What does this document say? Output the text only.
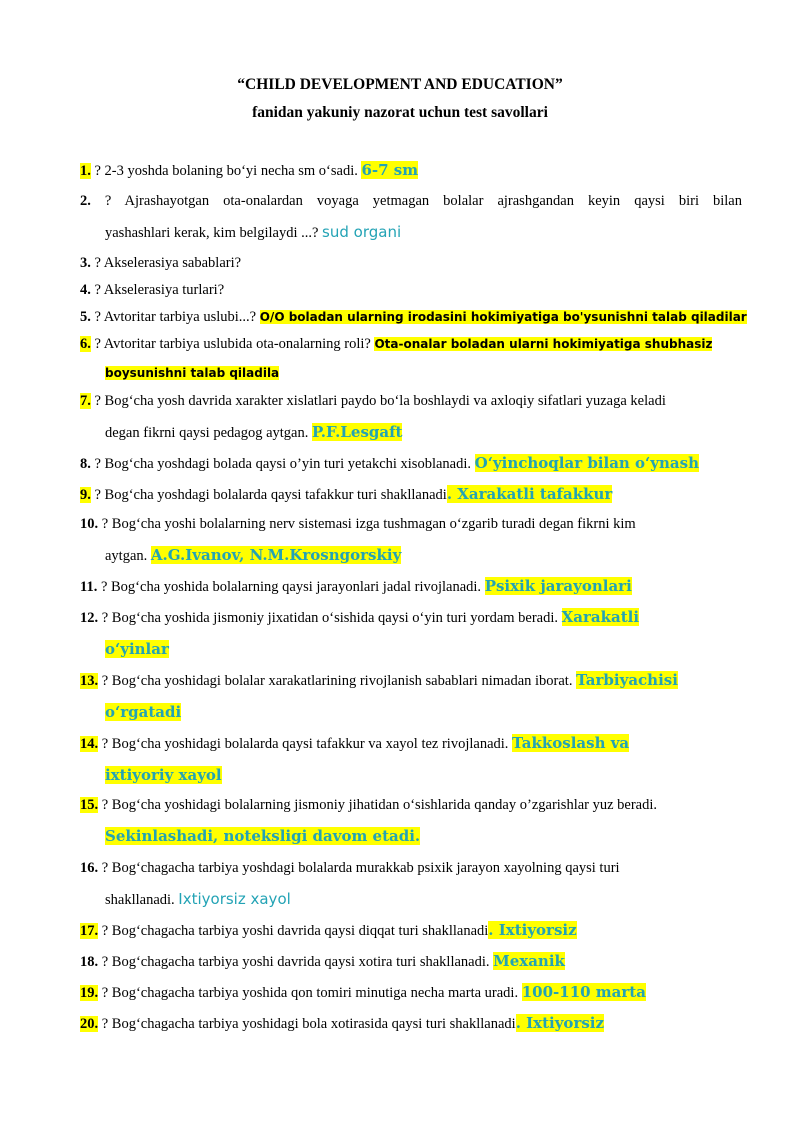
“CHILD DEVELOPMENT AND EDUCATION”
fanidan yakuniy nazorat uchun test savollari
1. ? 2-3 yoshda bolaning bo‘yi necha sm o‘sadi. 6-7 sm
2. ? Ajrashayotgan ota-onalardan voyaga yetmagan bolalar ajrashgandan keyin qaysi biri bilan
yashashlari kerak, kim belgilaydi ...? sud organi
3. ? Akselerasiya sabablari?
4. ? Akselerasiya turlari?
5. ? Avtoritar tarbiya uslubi...? O/O boladan ularning irodasini hokimiyatiga bo'ysunishni talab qiladilar
6. ? Avtoritar tarbiya uslubida ota-onalarning roli? Ota-onalar boladan ularni hokimiyatiga shubhasiz
boysunishni talab qiladila
7. ? Bog‘cha yosh davrida xarakter xislatlari paydo bo‘la boshlaydi va axloqiy sifatlari yuzaga keladi
degan fikrni qaysi pedagog aytgan. P.F.Lesgaft
8. ? Bog‘cha yoshdagi bolada qaysi o’yin turi yetakchi xisoblanadi. O‘yinchoqlar bilan o‘ynash
9. ? Bog‘cha yoshdagi bolalarda qaysi tafakkur turi shakllanadi. Xarakatli tafakkur
10. ? Bog‘cha yoshi bolalarning nerv sistemasi izga tushmagan o‘zgarib turadi degan fikrni kim
aytgan. A.G.Ivanov, N.M.Krosngorskiy
11. ? Bog‘cha yoshida bolalarning qaysi jarayonlari jadal rivojlanadi. Psixik jarayonlari
12. ? Bog‘cha yoshida jismoniy jixatidan o‘sishida qaysi o‘yin turi yordam beradi. Xarakatli
o‘yinlar
13. ? Bog‘cha yoshidagi bolalar xarakatlarining rivojlanish sabablari nimadan iborat. Tarbiyachisi
o‘rgatadi
14. ? Bog‘cha yoshidagi bolalarda qaysi tafakkur va xayol tez rivojlanadi. Takkoslash va
ixtiyoriy xayol
15. ? Bog‘cha yoshidagi bolalarning jismoniy jihatidan o‘sishlarida qanday o’zgarishlar yuz beradi.
Sekinlashadi, noteksligi davom etadi.
16. ? Bog‘chagacha tarbiya yoshdagi bolalarda murakkab psixik jarayon xayolning qaysi turi
shakllanadi. Ixtiyorsiz xayol
17. ? Bog‘chagacha tarbiya yoshi davrida qaysi diqqat turi shakllanadi. Ixtiyorsiz
18. ? Bog‘chagacha tarbiya yoshi davrida qaysi xotira turi shakllanadi. Mexanik
19. ? Bog‘chagacha tarbiya yoshida qon tomiri minutiga necha marta uradi. 100-110 marta
20. ? Bog‘chagacha tarbiya yoshidagi bola xotirasida qaysi turi shakllanadi. Ixtiyorsiz
